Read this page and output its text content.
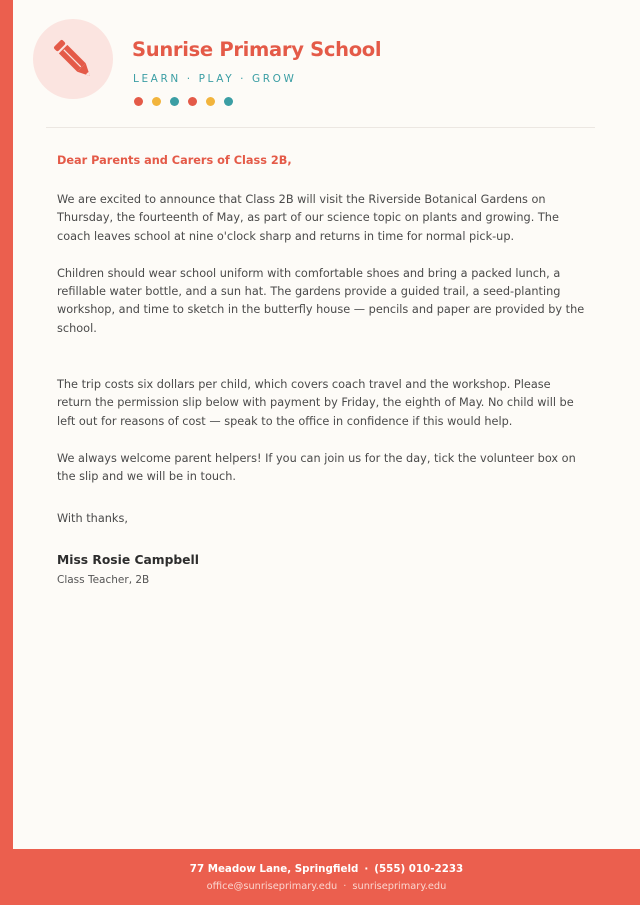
Sunrise Primary School
LEARN · PLAY · GROW

Dear Parents and Carers of Class 2B,

We are excited to announce that Class 2B will visit the Riverside Botanical Gardens on Thursday, the fourteenth of May, as part of our science topic on plants and growing. The coach leaves school at nine o'clock sharp and returns in time for normal pick-up.

Children should wear school uniform with comfortable shoes and bring a packed lunch, a refillable water bottle, and a sun hat. The gardens provide a guided trail, a seed-planting workshop, and time to sketch in the butterfly house — pencils and paper are provided by the school.

The trip costs six dollars per child, which covers coach travel and the workshop. Please return the permission slip below with payment by Friday, the eighth of May. No child will be left out for reasons of cost — speak to the office in confidence if this would help.

We always welcome parent helpers! If you can join us for the day, tick the volunteer box on the slip and we will be in touch.

With thanks,

Miss Rosie Campbell

Class Teacher, 2B

77 Meadow Lane, Springfield · (555) 010-2233
office@sunriseprimary.edu · sunriseprimary.edu
